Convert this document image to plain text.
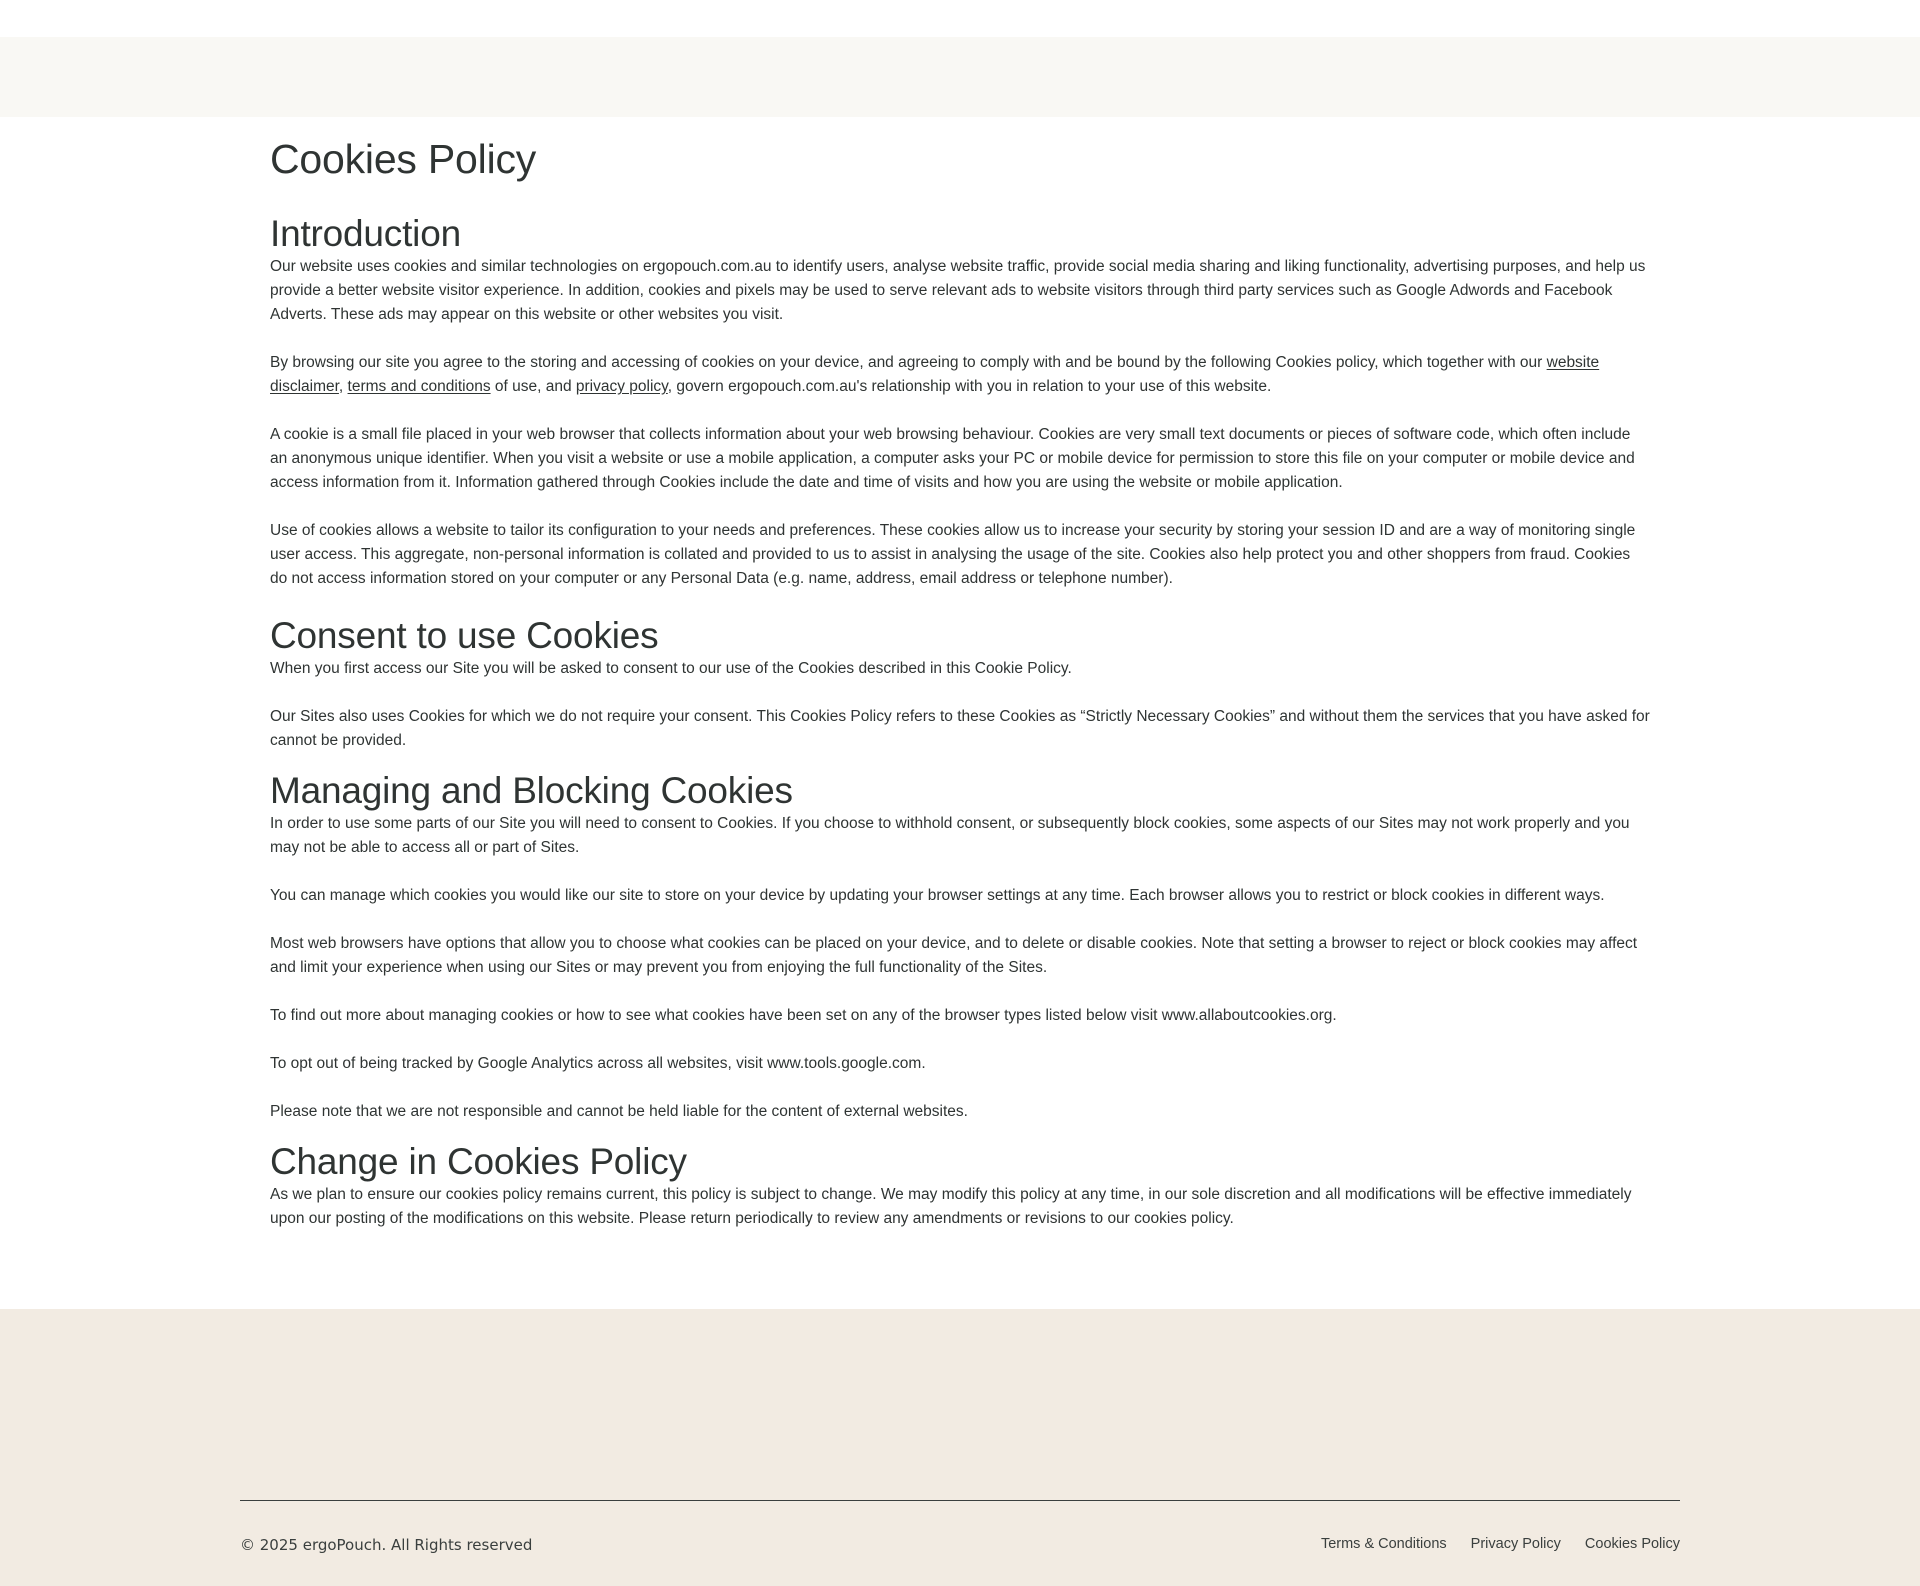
Cookies Policy
Introduction

Our website uses cookies and similar technologies on ergopouch.com.au to identify users, analyse website traffic, provide social media sharing and liking functionality, advertising purposes, and help us provide a better website visitor experience. In addition, cookies and pixels may be used to serve relevant ads to website visitors through third party services such as Google Adwords and Facebook Adverts. These ads may appear on this website or other websites you visit.

By browsing our site you agree to the storing and accessing of cookies on your device, and agreeing to comply with and be bound by the following Cookies policy, which together with our website disclaimer, terms and conditions of use, and privacy policy, govern ergopouch.com.au's relationship with you in relation to your use of this website.

A cookie is a small file placed in your web browser that collects information about your web browsing behaviour. Cookies are very small text documents or pieces of software code, which often include an anonymous unique identifier. When you visit a website or use a mobile application, a computer asks your PC or mobile device for permission to store this file on your computer or mobile device and access information from it. Information gathered through Cookies include the date and time of visits and how you are using the website or mobile application.

Use of cookies allows a website to tailor its configuration to your needs and preferences. These cookies allow us to increase your security by storing your session ID and are a way of monitoring single user access. This aggregate, non-personal information is collated and provided to us to assist in analysing the usage of the site. Cookies also help protect you and other shoppers from fraud. Cookies do not access information stored on your computer or any Personal Data (e.g. name, address, email address or telephone number).

Consent to use Cookies

When you first access our Site you will be asked to consent to our use of the Cookies described in this Cookie Policy.

Our Sites also uses Cookies for which we do not require your consent. This Cookies Policy refers to these Cookies as “Strictly Necessary Cookies” and without them the services that you have asked for cannot be provided.

Managing and Blocking Cookies

In order to use some parts of our Site you will need to consent to Cookies. If you choose to withhold consent, or subsequently block cookies, some aspects of our Sites may not work properly and you may not be able to access all or part of Sites.

You can manage which cookies you would like our site to store on your device by updating your browser settings at any time. Each browser allows you to restrict or block cookies in different ways.

Most web browsers have options that allow you to choose what cookies can be placed on your device, and to delete or disable cookies. Note that setting a browser to reject or block cookies may affect and limit your experience when using our Sites or may prevent you from enjoying the full functionality of the Sites.

To find out more about managing cookies or how to see what cookies have been set on any of the browser types listed below visit www.allaboutcookies.org.

To opt out of being tracked by Google Analytics across all websites, visit www.tools.google.com.

Please note that we are not responsible and cannot be held liable for the content of external websites.

Change in Cookies Policy

As we plan to ensure our cookies policy remains current, this policy is subject to change. We may modify this policy at any time, in our sole discretion and all modifications will be effective immediately upon our posting of the modifications on this website. Please return periodically to review any amendments or revisions to our cookies policy.

© 2025 ergoPouch. All Rights reserved	Terms & Conditions Privacy Policy Cookies Policy
